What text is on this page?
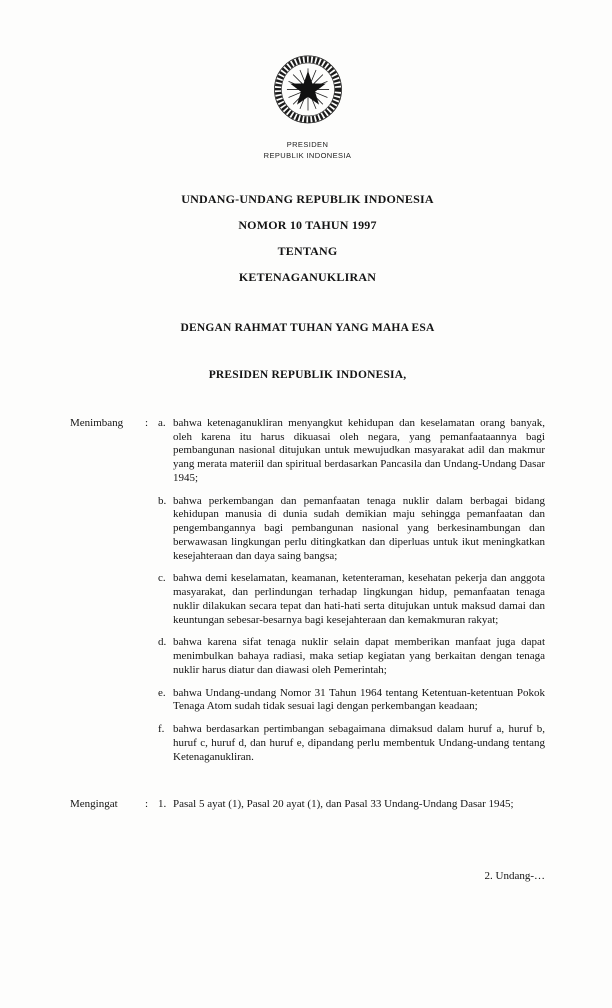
PRESIDEN
REPUBLIK INDONESIA
UNDANG-UNDANG REPUBLIK INDONESIA
NOMOR 10 TAHUN 1997
TENTANG
KETENAGANUKLIRAN
DENGAN RAHMAT TUHAN YANG MAHA ESA
PRESIDEN REPUBLIK INDONESIA,
Menimbang	: a. bahwa ketenaganukliran menyangkut kehidupan dan keselamatan orang banyak, oleh karena itu harus dikuasai oleh negara, yang pemanfaataannya bagi pembangunan nasional ditujukan untuk mewujudkan masyarakat adil dan makmur yang merata materiil dan spiritual berdasarkan Pancasila dan Undang-Undang Dasar 1945;
b. bahwa perkembangan dan pemanfaatan tenaga nuklir dalam berbagai bidang kehidupan manusia di dunia sudah demikian maju sehingga pemanfaatan dan pengembangannya bagi pembangunan nasional yang berkesinambungan dan berwawasan lingkungan perlu ditingkatkan dan diperluas untuk ikut meningkatkan kesejahteraan dan daya saing bangsa;
c. bahwa demi keselamatan, keamanan, ketenteraman, kesehatan pekerja dan anggota masyarakat, dan perlindungan terhadap lingkungan hidup, pemanfaatan tenaga nuklir dilakukan secara tepat dan hati-hati serta ditujukan untuk maksud damai dan keuntungan sebesar-besarnya bagi kesejahteraan dan kemakmuran rakyat;
d. bahwa karena sifat tenaga nuklir selain dapat memberikan manfaat juga dapat menimbulkan bahaya radiasi, maka setiap kegiatan yang berkaitan dengan tenaga nuklir harus diatur dan diawasi oleh Pemerintah;
e. bahwa Undang-undang Nomor 31 Tahun 1964 tentang Ketentuan-ketentuan Pokok Tenaga Atom sudah tidak sesuai lagi dengan perkembangan keadaan;
f. bahwa berdasarkan pertimbangan sebagaimana dimaksud dalam huruf a, huruf b, huruf c, huruf d, dan huruf e, dipandang perlu membentuk Undang-undang tentang Ketenaganukliran.
Mengingat	: 1. Pasal 5 ayat (1), Pasal 20 ayat (1), dan Pasal 33 Undang-Undang Dasar 1945;
2. Undang-…
